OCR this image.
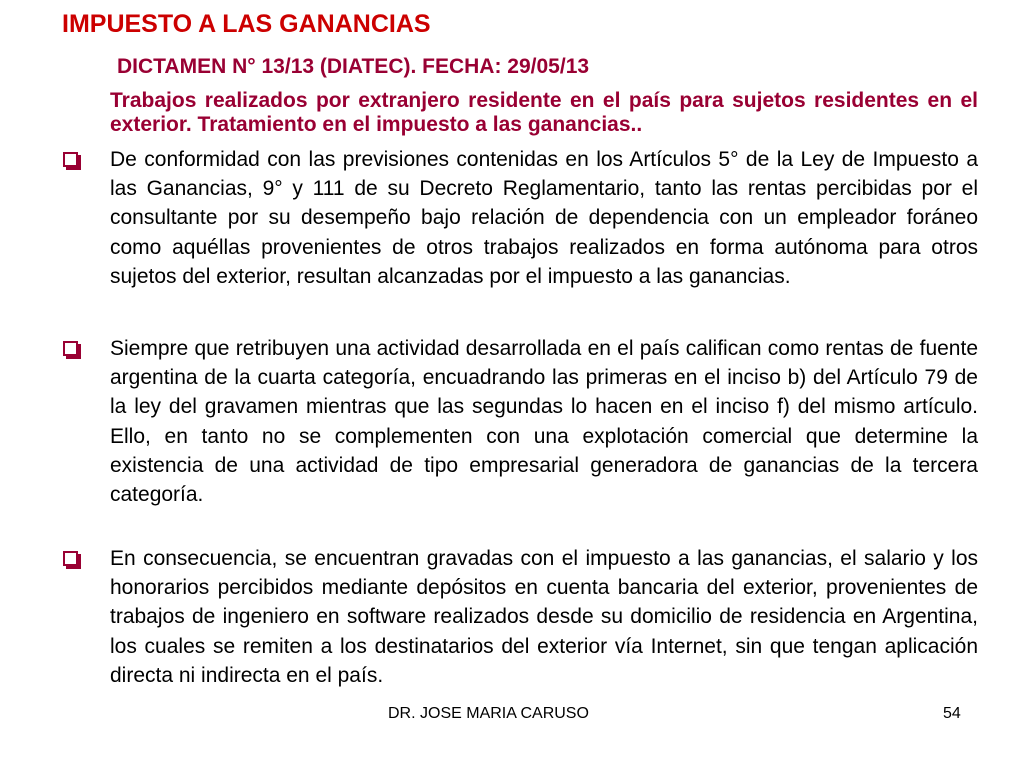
IMPUESTO A LAS GANANCIAS
DICTAMEN N° 13/13 (DIATEC). FECHA: 29/05/13
Trabajos realizados por extranjero residente en el país para sujetos residentes en el exterior. Tratamiento en el impuesto a las ganancias..
De conformidad con las previsiones contenidas en los Artículos 5° de la Ley de Impuesto a las Ganancias, 9° y 111 de su Decreto Reglamentario, tanto las rentas percibidas por el consultante por su desempeño bajo relación de dependencia con un empleador foráneo como aquéllas provenientes de otros trabajos realizados en forma autónoma para otros sujetos del exterior, resultan alcanzadas por el impuesto a las ganancias.
Siempre que retribuyen una actividad desarrollada en el país califican como rentas de fuente argentina de la cuarta categoría, encuadrando las primeras en el inciso b) del Artículo 79 de la ley del gravamen mientras que las segundas lo hacen en el inciso f) del mismo artículo. Ello, en tanto no se complementen con una explotación comercial que determine la existencia de una actividad de tipo empresarial generadora de ganancias de la tercera categoría.
En consecuencia, se encuentran gravadas con el impuesto a las ganancias, el salario y los honorarios percibidos mediante depósitos en cuenta bancaria del exterior, provenientes de trabajos de ingeniero en software realizados desde su domicilio de residencia en Argentina, los cuales se remiten a los destinatarios del exterior vía Internet, sin que tengan aplicación directa ni indirecta en el país.
DR. JOSE MARIA CARUSO	54
